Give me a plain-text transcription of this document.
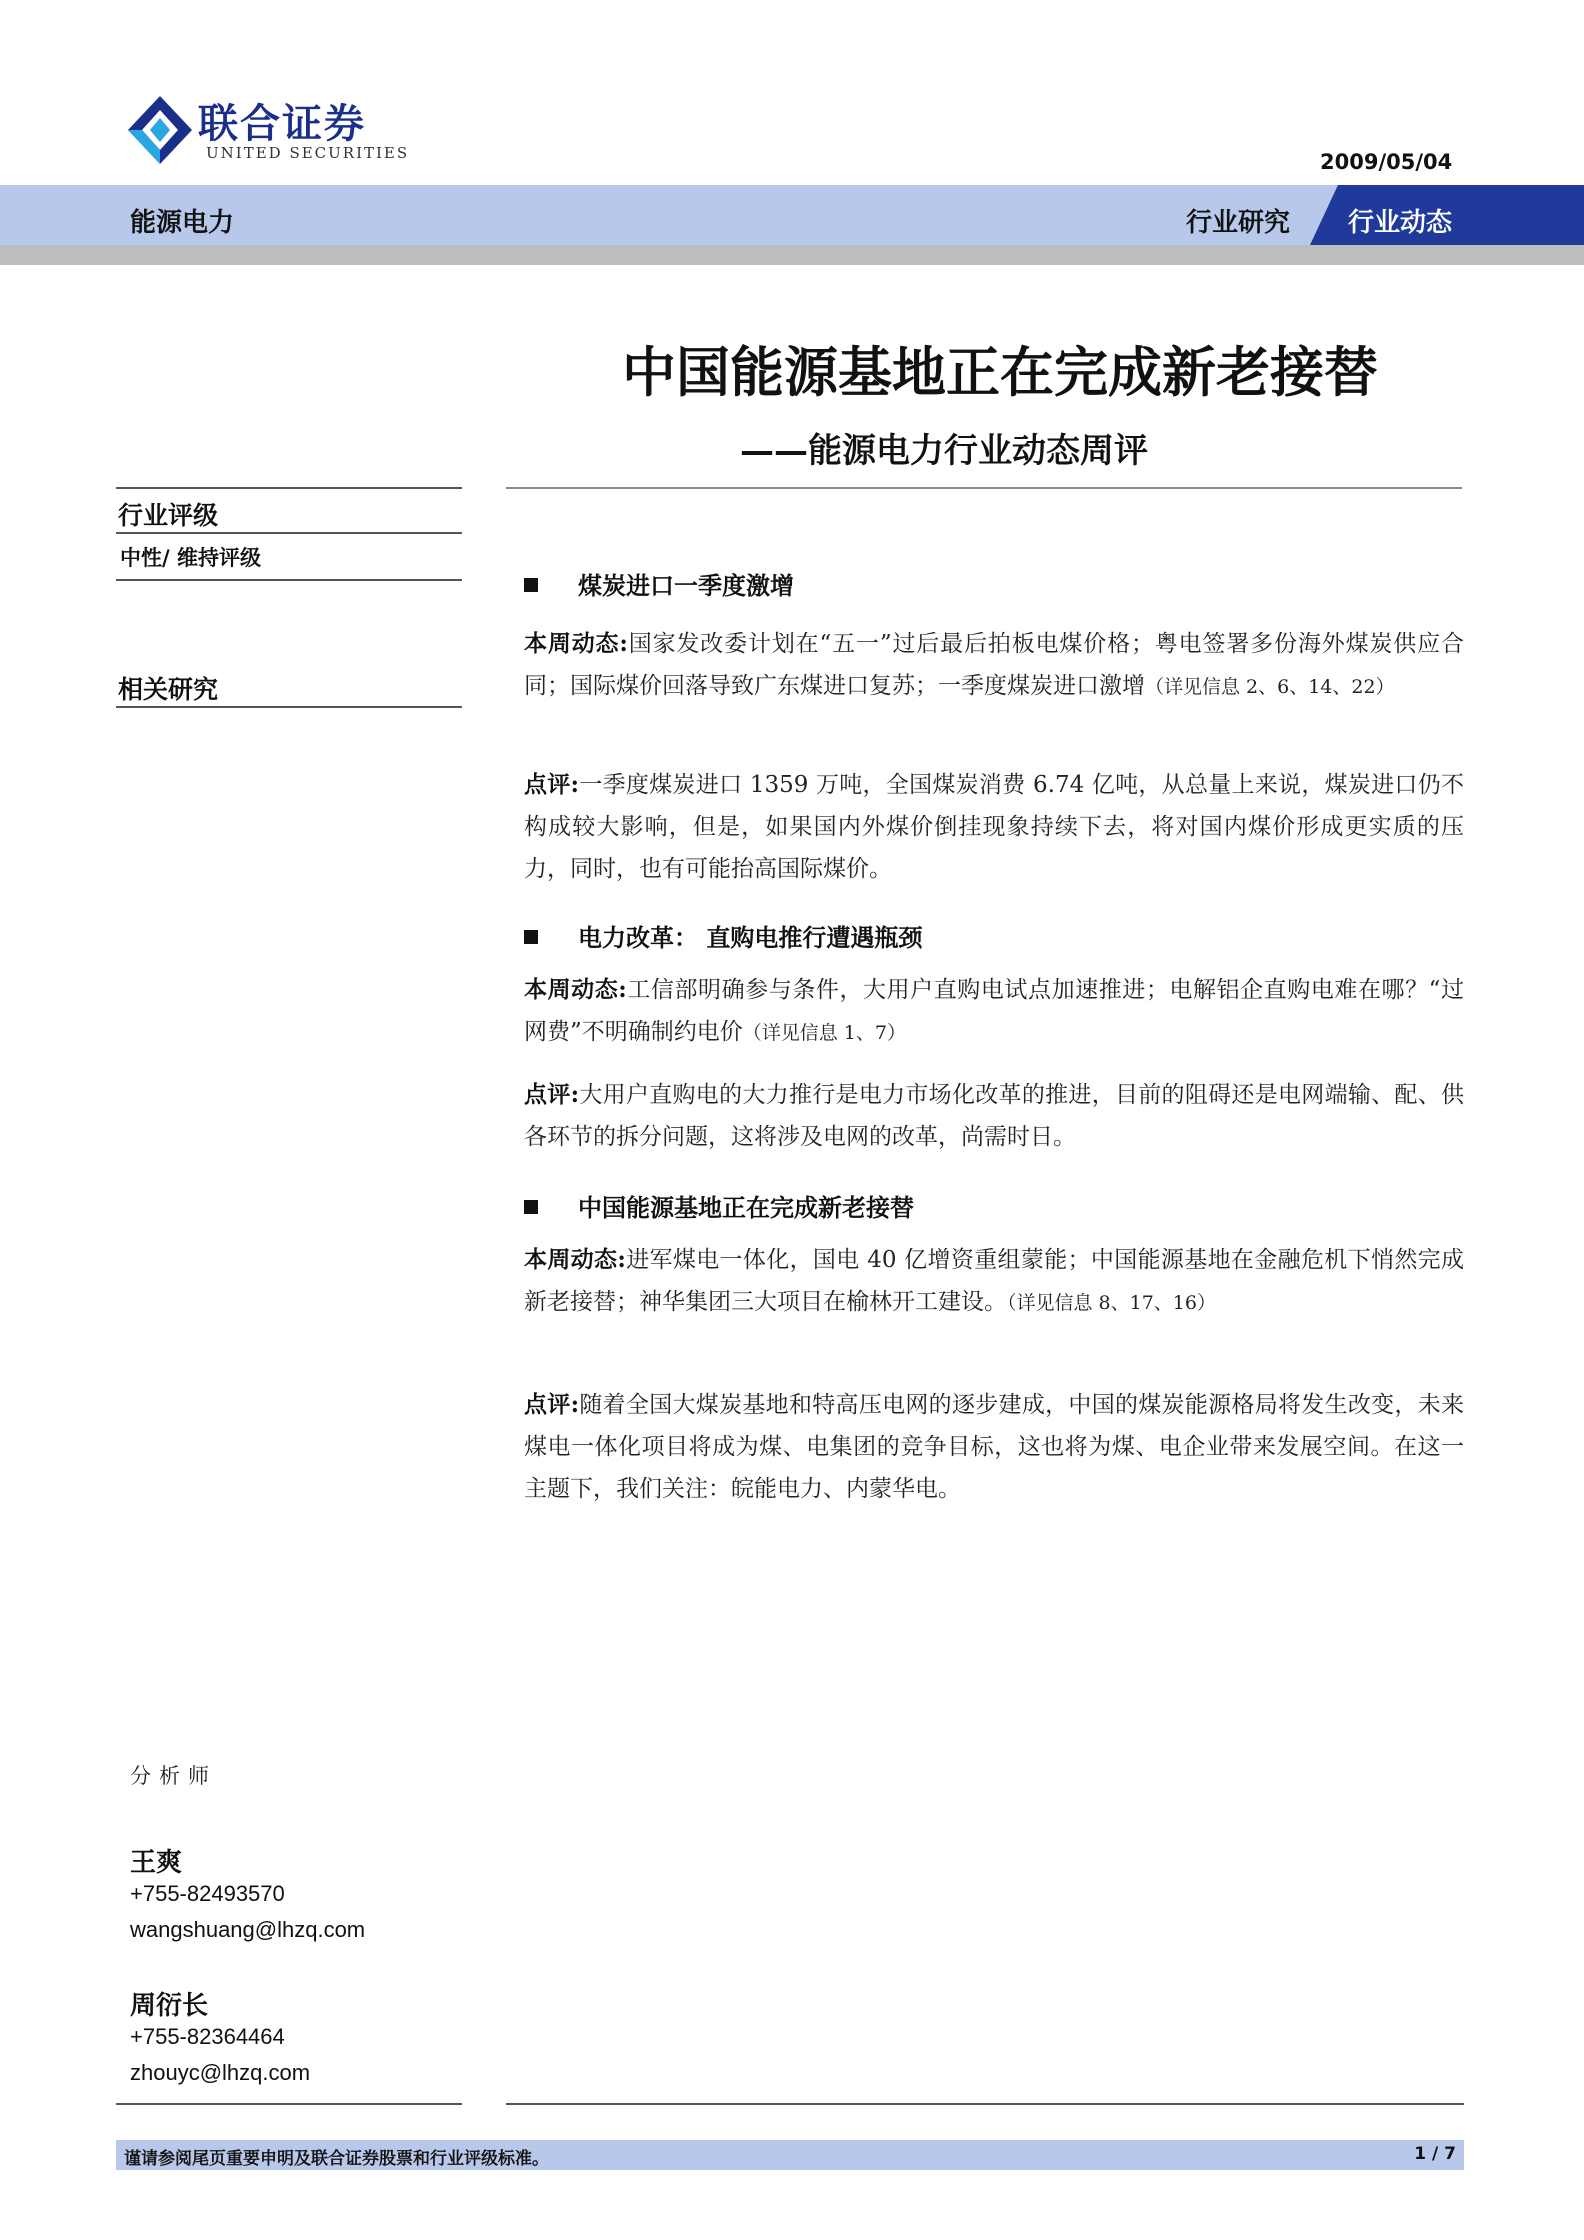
联合证券
UNITED SECURITIES	2009/05/04
能源电力	行业研究 行业动态
中国能源基地正在完成新老接替
——能源电力行业动态周评
行业评级
中性/ 维持评级
相关研究
分析师
王爽
+755-82493570
wangshuang@lhzq.com
周衍长
+755-82364464
zhouyc@lhzq.com
煤炭进口一季度激增
本周动态:国家发改委计划在“五一”过后最后拍板电煤价格；粤电签署多份海外煤炭供应合同；国际煤价回落导致广东煤进口复苏；一季度煤炭进口激增（详见信息 2、6、14、22）
点评:一季度煤炭进口 1359 万吨，全国煤炭消费 6.74 亿吨，从总量上来说，煤炭进口仍不构成较大影响，但是，如果国内外煤价倒挂现象持续下去，将对国内煤价形成更实质的压力，同时，也有可能抬高国际煤价。
电力改革： 直购电推行遭遇瓶颈
本周动态:工信部明确参与条件，大用户直购电试点加速推进；电解铝企直购电难在哪？“过网费”不明确制约电价（详见信息 1、7）
点评:大用户直购电的大力推行是电力市场化改革的推进，目前的阻碍还是电网端输、配、供各环节的拆分问题，这将涉及电网的改革，尚需时日。
中国能源基地正在完成新老接替
本周动态:进军煤电一体化，国电 40 亿增资重组蒙能；中国能源基地在金融危机下悄然完成新老接替；神华集团三大项目在榆林开工建设。（详见信息 8、17、16）
点评:随着全国大煤炭基地和特高压电网的逐步建成，中国的煤炭能源格局将发生改变，未来煤电一体化项目将成为煤、电集团的竞争目标，这也将为煤、电企业带来发展空间。在这一主题下，我们关注：皖能电力、内蒙华电。
谨请参阅尾页重要申明及联合证券股票和行业评级标准。	1 / 7
